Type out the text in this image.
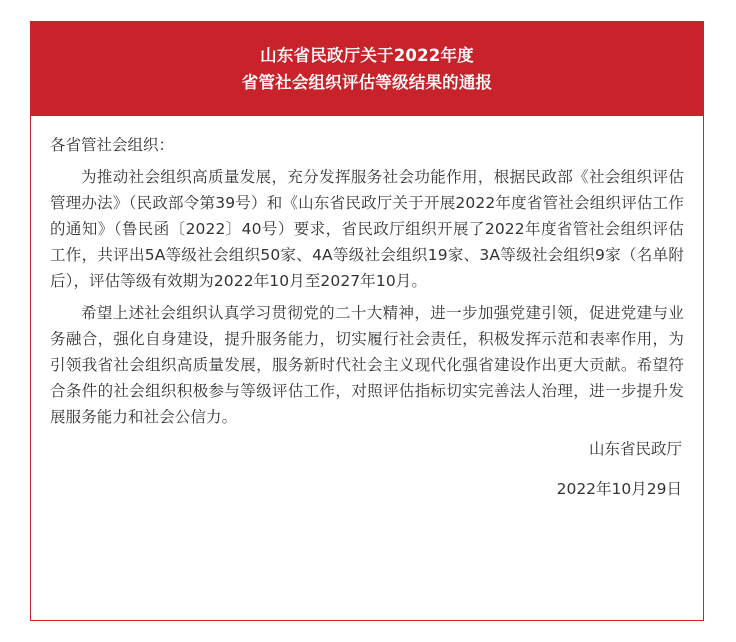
山东省民政厅关于2022年度
省管社会组织评估等级结果的通报

各省管社会组织：

为推动社会组织高质量发展，充分发挥服务社会功能作用，根据民政部《社会组织评估管理办法》（民政部令第39号）和《山东省民政厅关于开展2022年度省管社会组织评估工作的通知》（鲁民函〔2022〕40号）要求，省民政厅组织开展了2022年度省管社会组织评估工作，共评出5A等级社会组织50家、4A等级社会组织19家、3A等级社会组织9家（名单附后），评估等级有效期为2022年10月至2027年10月。

希望上述社会组织认真学习贯彻党的二十大精神，进一步加强党建引领，促进党建与业务融合，强化自身建设，提升服务能力，切实履行社会责任，积极发挥示范和表率作用，为引领我省社会组织高质量发展，服务新时代社会主义现代化强省建设作出更大贡献。希望符合条件的社会组织积极参与等级评估工作，对照评估指标切实完善法人治理，进一步提升发展服务能力和社会公信力。

山东省民政厅

2022年10月29日
